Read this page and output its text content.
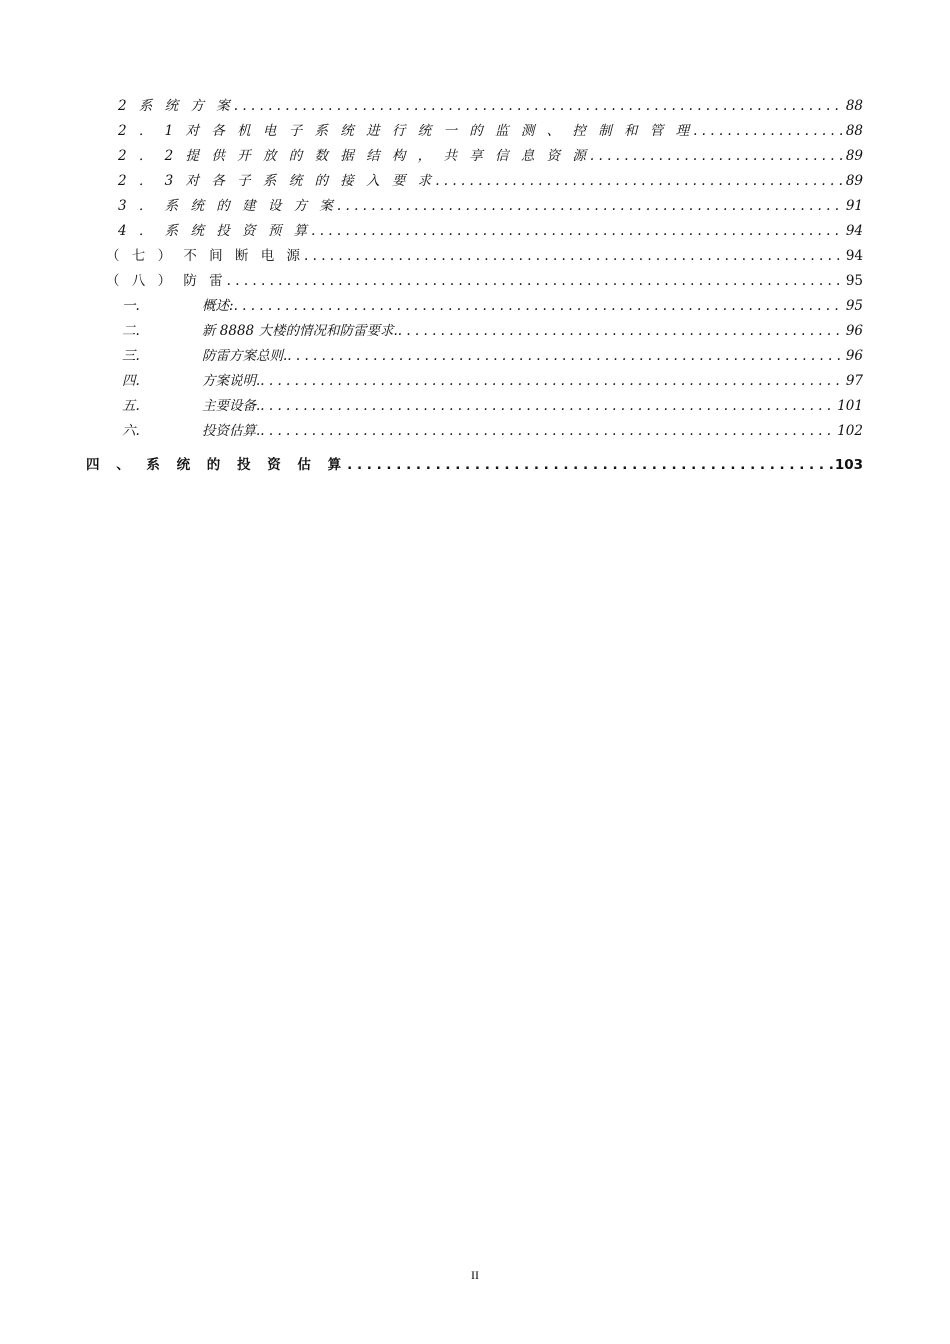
2 系 统 方 案 . . .	88
2 ． 1 对 各 机 电 子 系 统 进 行 统 一 的 监 测 、 控 制 和 管 理 . . .	88
2 ． 2 提 供 开 放 的 数 据 结 构 ， 共 享 信 息 资 源 . . .	89
2 ． 3 对 各 子 系 统 的 接 入 要 求 . . .	89
3 ． 系 统 的 建 设 方 案 . . .	91
4 ． 系 统 投 资 预 算 . . .	94
（ 七 ） 不 间 断 电 源 . . .	94
（ 八 ） 防 雷 . . .	95
一.	概述: . . .	95
二.	新 8888 大楼的情况和防雷要求. . . .	96
三.	防雷方案总则. . . .	96
四.	方案说明. . . .	97
五.	主要设备. . . .	101
六.	投资估算. . . .	102
四 、 系 统 的 投 资 估 算 . . .	103
II
